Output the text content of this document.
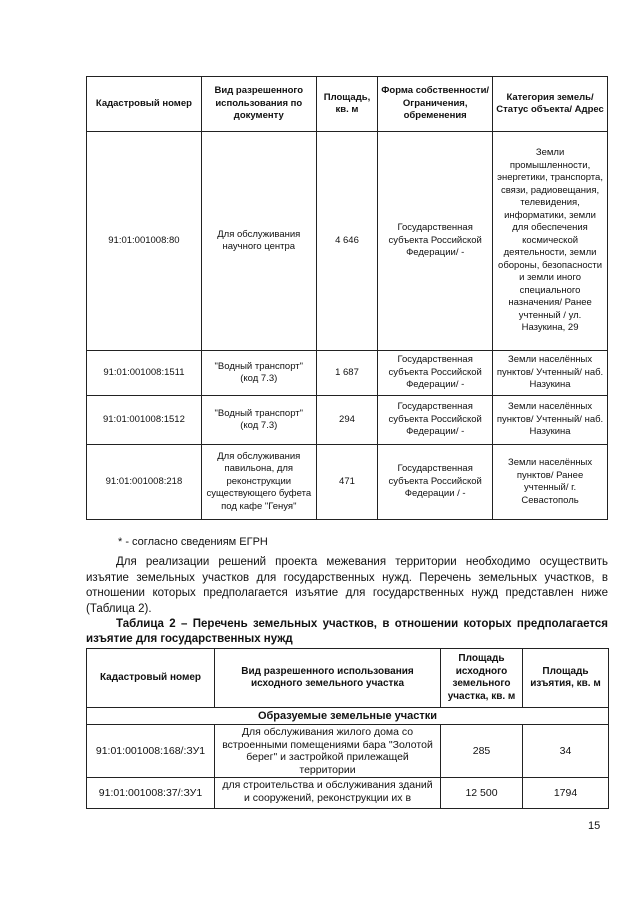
Кадастровый номер	Вид разрешенного использования по документу	Площадь, кв. м	Форма собственности/ Ограничения, обременения	Категория земель/ Статус объекта/ Адрес
91:01:001008:80	Для обслуживания научного центра	4 646	Государственная субъекта Российской Федерации/ -	Земли промышленности, энергетики, транспорта, связи, радиовещания, телевидения, информатики, земли для обеспечения космической деятельности, земли обороны, безопасности и земли иного специального назначения/ Ранее учтенный / ул. Назукина, 29
91:01:001008:1511	"Водный транспорт" (код 7.3)	1 687	Государственная субъекта Российской Федерации/ -	Земли населённых пунктов/ Учтенный/ наб. Назукина
91:01:001008:1512	"Водный транспорт" (код 7.3)	294	Государственная субъекта Российской Федерации/ -	Земли населённых пунктов/ Учтенный/ наб. Назукина
91:01:001008:218	Для обслуживания павильона, для реконструкции существующего буфета под кафе "Генуя"	471	Государственная субъекта Российской Федерации / -	Земли населённых пунктов/ Ранее учтенный/ г. Севастополь
* - согласно сведениям ЕГРН
Для реализации решений проекта межевания территории необходимо осуществить изъятие земельных участков для государственных нужд. Перечень земельных участков, в отношении которых предполагается изъятие для государственных нужд представлен ниже (Таблица 2).
Таблица 2 – Перечень земельных участков, в отношении которых предполагается изъятие для государственных нужд
Кадастровый номер	Вид разрешенного использования исходного земельного участка	Площадь исходного земельного участка, кв. м	Площадь изъятия, кв. м
Образуемые земельные участки			
91:01:001008:168/:ЗУ1	Для обслуживания жилого дома со встроенными помещениями бара "Золотой берег" и застройкой прилежащей территории	285	34
91:01:001008:37/:ЗУ1	для строительства и обслуживания зданий и сооружений, реконструкции их в	12 500	1794
15
